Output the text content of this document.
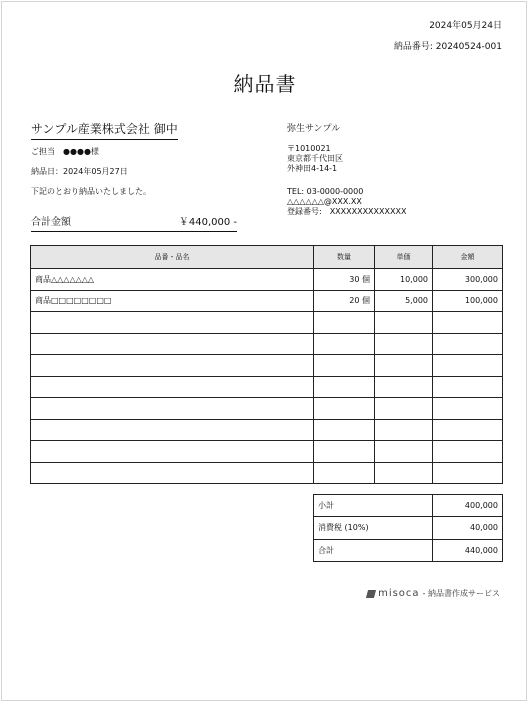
2024年05月24日
納品番号: 20240524-001
納品書
サンプル産業株式会社 御中
ご担当　●●●●様
納品日：2024年05月27日
下記のとおり納品いたしました。
合計金額	￥440,000 -
弥生サンプル
〒1010021
東京都千代田区
外神田4-14-1
TEL: 03-0000-0000
△△△△△△@XXX.XX
登録番号:　XXXXXXXXXXXXXX
品番・品名	数量	単価	金額
商品△△△△△△△	30 個	10,000	300,000
商品□□□□□□□□	20 個	5,000	100,000

小計	400,000
消費税 (10%)	40,000
合計	440,000
misoca - 納品書作成サービス
